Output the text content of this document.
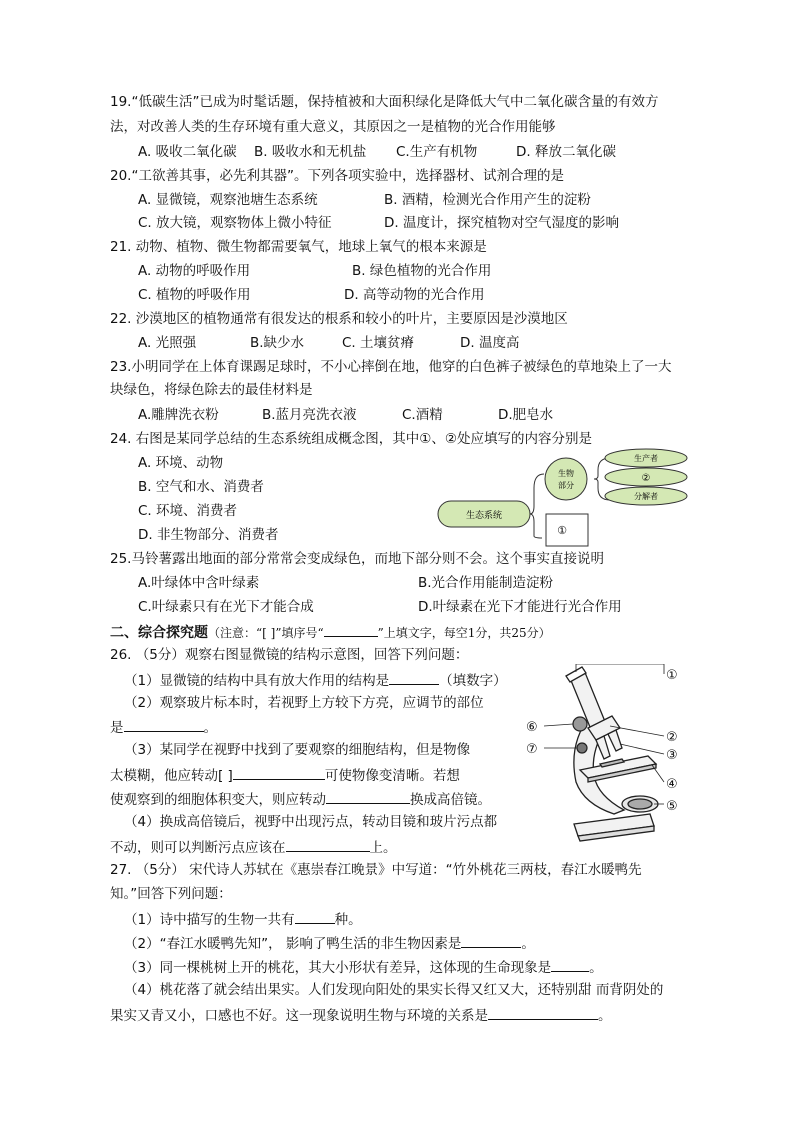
19.“低碳生活”已成为时髦话题，保持植被和大面积绿化是降低大气中二氧化碳含量的有效方
法，对改善人类的生存环境有重大意义，其原因之一是植物的光合作用能够
A. 吸收二氧化碳 B. 吸收水和无机盐 C.生产有机物	D. 释放二氧化碳
20.“工欲善其事，必先利其器”。下列各项实验中，选择器材、试剂合理的是
A. 显微镜，观察池塘生态系统	B. 酒精，检测光合作用产生的淀粉
C. 放大镜，观察物体上微小特征	D. 温度计，探究植物对空气湿度的影响
21. 动物、植物、微生物都需要氧气，地球上氧气的根本来源是
A. 动物的呼吸作用	B. 绿色植物的光合作用
C. 植物的呼吸作用	D. 高等动物的光合作用
22. 沙漠地区的植物通常有很发达的根系和较小的叶片，主要原因是沙漠地区
A. 光照强	B.缺少水	C. 土壤贫瘠	D. 温度高
23.小明同学在上体育课踢足球时，不小心摔倒在地，他穿的白色裤子被绿色的草地染上了一大
块绿色，将绿色除去的最佳材料是
A.雕牌洗衣粉	B.蓝月亮洗衣液	C.酒精	D.肥皂水
24. 右图是某同学总结的生态系统组成概念图，其中①、②处应填写的内容分别是
A. 环境、动物
B. 空气和水、消费者
C. 环境、消费者
D. 非生物部分、消费者
生态系统
生物
部分
①
生产者
②
分解者
25.马铃薯露出地面的部分常常会变成绿色，而地下部分则不会。这个事实直接说明
A.叶绿体中含叶绿素	B.光合作用能制造淀粉
C.叶绿素只有在光下才能合成	D.叶绿素在光下才能进行光合作用
二、综合探究题（注意：“[ ]”填序号“	”上填文字，每空1分，共25分）
26. （5分）观察右图显微镜的结构示意图，回答下列问题：
（1）显微镜的结构中具有放大作用的结构是	（填数字）
（2）观察玻片标本时，若视野上方较下方亮，应调节的部位
是	。
（3）某同学在视野中找到了要观察的细胞结构，但是物像
太模糊，他应转动[ ]	可使物像变清晰。若想
使观察到的细胞体积变大，则应转动	换成高倍镜。
（4）换成高倍镜后，视野中出现污点，转动目镜和玻片污点都
不动，则可以判断污点应该在	上。
①
②
③
④
⑤
⑥
⑦
27. （5分） 宋代诗人苏轼在《惠崇春江晚景》中写道：“竹外桃花三两枝，春江水暖鸭先
知。”回答下列问题：
（1）诗中描写的生物一共有	种。
（2）“春江水暖鸭先知”， 影响了鸭生活的非生物因素是	。
（3）同一棵桃树上开的桃花，其大小形状有差异，这体现的生命现象是	。
（4）桃花落了就会结出果实。人们发现向阳处的果实长得又红又大，还特别甜 而背阴处的
果实又青又小，口感也不好。这一现象说明生物与环境的关系是	。
